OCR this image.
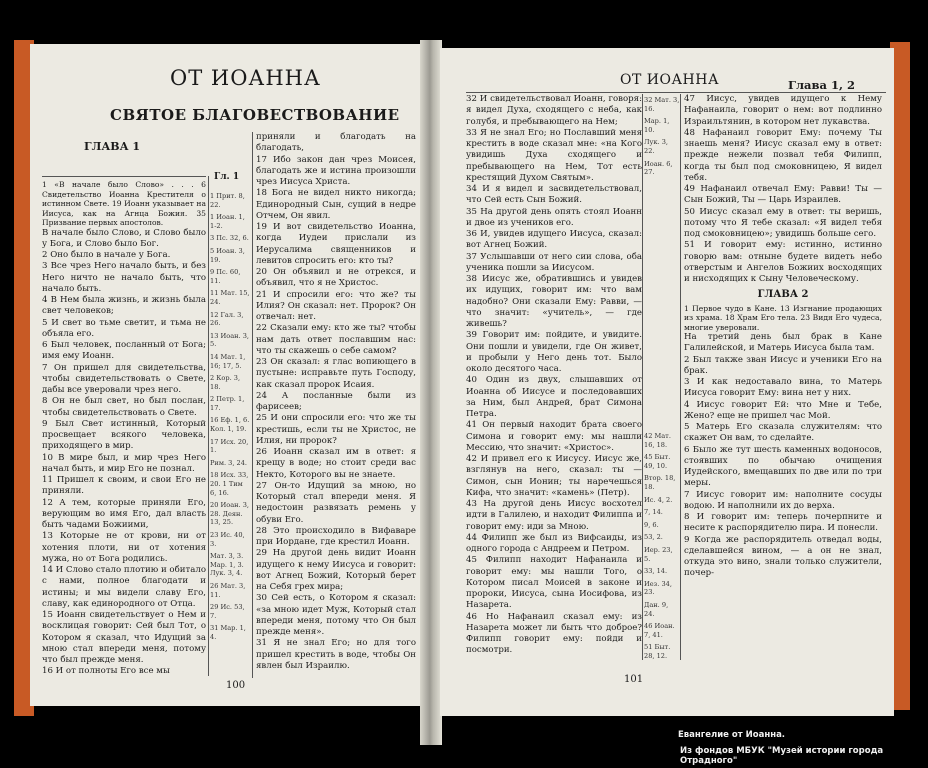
ОТ ИОАННА
СВЯТОЕ БЛАГОВЕСТВОВАНИЕ
ГЛАВА 1

1 «В начале было Слово» . . . 6 Свидетельство Иоанна Крестителя о истинном Свете. 19 Иоанн указывает на Иисуса, как на Агнца Божия. 35 Призвание первых апостолов.

В начале было Слово, и Слово было у Бога, и Слово было Бог.

2 Оно было в начале у Бога.

3 Все чрез Него начало быть, и без Него ничто не начало быть, что начало быть.

4 В Нем была жизнь, и жизнь была свет человеков;

5 И свет во тьме светит, и тьма не объяла его.

6 Был человек, посланный от Бога; имя ему Иоанн.

7 Он пришел для свидетельства, чтобы свидетельствовать о Свете, дабы все уверовали чрез него.

8 Он не был свет, но был послан, чтобы свидетельствовать о Свете.

9 Был Свет истинный, Который просвещает всякого человека, приходящего в мир.

10 В мире был, и мир чрез Него начал быть, и мир Его не познал.

11 Пришел к своим, и свои Его не приняли.

12 А тем, которые приняли Его, верующим во имя Его, дал власть быть чадами Божиими,

13 Которые не от крови, ни от хотения плоти, ни от хотения мужа, но от Бога родились.

14 И Слово стало плотию и обитало с нами, полное благодати и истины; и мы видели славу Его, славу, как единородного от Отца.

15 Иоанн свидетельствует о Нем и восклицая говорит: Сей был Тот, о Котором я сказал, что Идущий за мною стал впереди меня, потому что был прежде меня.

16 И от полноты Его все мы

Гл. 1
1 Прит. 8, 22.
1 Иоан. 1, 1-2.
3 Пс. 32, 6.
5 Иоан. 3, 19.
9 Пс. 60, 11.
11 Мат. 15, 24.
12 Гал. 3, 26.
13 Иоан. 3, 5.
14 Мат. 1, 16; 17, 5.
2 Кор. 3, 18.
2 Петр. 1, 17.
16 Еф. 1, 6. Кол. 1, 19.
17 Исх. 20, 1.
Рим. 3, 24.
18 Исх. 33, 20. 1 Тим 6, 16.
20 Иоан. 3, 28. Деян. 13, 25.
23 Ис. 40, 3.
Мат. 3, 3. Мар. 1, 3. Лук. 3, 4.
26 Мат. 3, 11.
29 Ис. 53, 7.
31 Мар. 1, 4.

приняли и благодать на благодать,

17 Ибо закон дан чрез Моисея, благодать же и истина произошли чрез Иисуса Христа.

18 Бога не видел никто никогда; Единородный Сын, сущий в недре Отчем, Он явил.

19 И вот свидетельство Иоанна, когда Иудеи прислали из Иерусалима священников и левитов спросить его: кто ты?

20 Он объявил и не отрекся, и объявил, что я не Христос.

21 И спросили его: что же? ты Илия? Он сказал: нет. Пророк? Он отвечал: нет.

22 Сказали ему: кто же ты? чтобы нам дать ответ пославшим нас: что ты скажешь о себе самом?

23 Он сказал: я глас вопиющего в пустыне: исправьте путь Господу, как сказал пророк Исаия.

24 А посланные были из фарисеев;

25 И они спросили его: что же ты крестишь, если ты не Христос, не Илия, ни пророк?

26 Иоанн сказал им в ответ: я крещу в воде; но стоит среди вас Некто, Которого вы не знаете.

27 Он-то Идущий за мною, но Который стал впереди меня. Я недостоин развязать ремень у обуви Его.

28 Это происходило в Вифаваре при Иордане, где крестил Иоанн.

29 На другой день видит Иоанн идущего к нему Иисуса и говорит: вот Агнец Божий, Который берет на Себя грех мира;

30 Сей есть, о Котором я сказал: «за мною идет Муж, Который стал впереди меня, потому что Он был прежде меня».

31 Я не знал Его; но для того пришел крестить в воде, чтобы Он явлен был Израилю.

100
ОТ ИОАННА	Глава 1, 2

32 И свидетельствовал Иоанн, говоря: я видел Духа, сходящего с неба, как голубя, и пребывающего на Нем;

33 Я не знал Его; но Пославший меня крестить в воде сказал мне: «на Кого увидишь Духа сходящего и пребывающего на Нем, Тот есть крестящий Духом Святым».

34 И я видел и засвидетельствовал, что Сей есть Сын Божий.

35 На другой день опять стоял Иоанн и двое из учеников его.

36 И, увидев идущего Иисуса, сказал: вот Агнец Божий.

37 Услышавши от него сии слова, оба ученика пошли за Иисусом.

38 Иисус же, обратившись и увидев их идущих, говорит им: что вам надобно? Они сказали Ему: Равви, — что значит: «учитель», — где живешь?

39 Говорит им: пойдите, и увидите. Они пошли и увидели, где Он живет, и пробыли у Него день тот. Было около десятого часа.

40 Один из двух, слышавших от Иоанна об Иисусе и последовавших за Ним, был Андрей, брат Симона Петра.

41 Он первый находит брата своего Симона и говорит ему: мы нашли Мессию, что значит: «Христос».

42 И привел его к Иисусу. Иисус же, взглянув на него, сказал: ты — Симон, сын Ионин; ты наречешься Кифа, что значит: «камень» (Петр).

43 На другой день Иисус восхотел идти в Галилею, и находит Филиппа и говорит ему: иди за Мною.

44 Филипп же был из Вифсаиды, из одного города с Андреем и Петром.

45 Филипп находит Нафанаила и говорит ему: мы нашли Того, о Котором писал Моисей в законе и пророки, Иисуса, сына Иосифова, из Назарета.

46 Но Нафанаил сказал ему: из Назарета может ли быть что доброе? Филипп говорит ему: пойди и посмотри.

32 Мат. 3, 16.
Мар. 1, 10.
Лук. 3, 22.
Иоан. 6, 27.
42 Мат. 16, 18.
45 Быт. 49, 10.
Втор. 18, 18.
Ис. 4, 2.
7, 14.
9, 6.
53, 2.
Иер. 23, 5.
33, 14.
Иез. 34, 23.
Дан. 9, 24.
46 Иоан. 7, 41.
51 Быт. 28, 12.

47 Иисус, увидев идущего к Нему Нафанаила, говорит о нем: вот подлинно Израильтянин, в котором нет лукавства.

48 Нафанаил говорит Ему: почему Ты знаешь меня? Иисус сказал ему в ответ: прежде нежели позвал тебя Филипп, когда ты был под смоковницею, Я видел тебя.

49 Нафанаил отвечал Ему: Равви! Ты — Сын Божий, Ты — Царь Израилев.

50 Иисус сказал ему в ответ: ты веришь, потому что Я тебе сказал: «Я видел тебя под смоковницею»; увидишь больше сего.

51 И говорит ему: истинно, истинно говорю вам: отныне будете видеть небо отверстым и Ангелов Божиих восходящих и нисходящих к Сыну Человеческому.

ГЛАВА 2

1 Первое чудо в Кане. 13 Изгнание продающих из храма. 18 Храм Его тела. 23 Видя Его чудеса, многие уверовали.

На третий день был брак в Кане Галилейской, и Матерь Иисуса была там.

2 Был также зван Иисус и ученики Его на брак.

3 И как недоставало вина, то Матерь Иисуса говорит Ему: вина нет у них.

4 Иисус говорит Ей: что Мне и Тебе, Жено? еще не пришел час Мой.

5 Матерь Его сказала служителям: что скажет Он вам, то сделайте.

6 Было же тут шесть каменных водоносов, стоявших по обычаю очищения Иудейского, вмещавших по две или по три меры.

7 Иисус говорит им: наполните сосуды водою. И наполнили их до верха.

8 И говорит им: теперь почерпните и несите к распорядителю пира. И понесли.

9 Когда же распорядитель отведал воды, сделавшейся вином, — а он не знал, откуда это вино, знали только служители, почер-

101
Евангелие от Иоанна.
Из фондов МБУК "Музей истории города Отрадного"
